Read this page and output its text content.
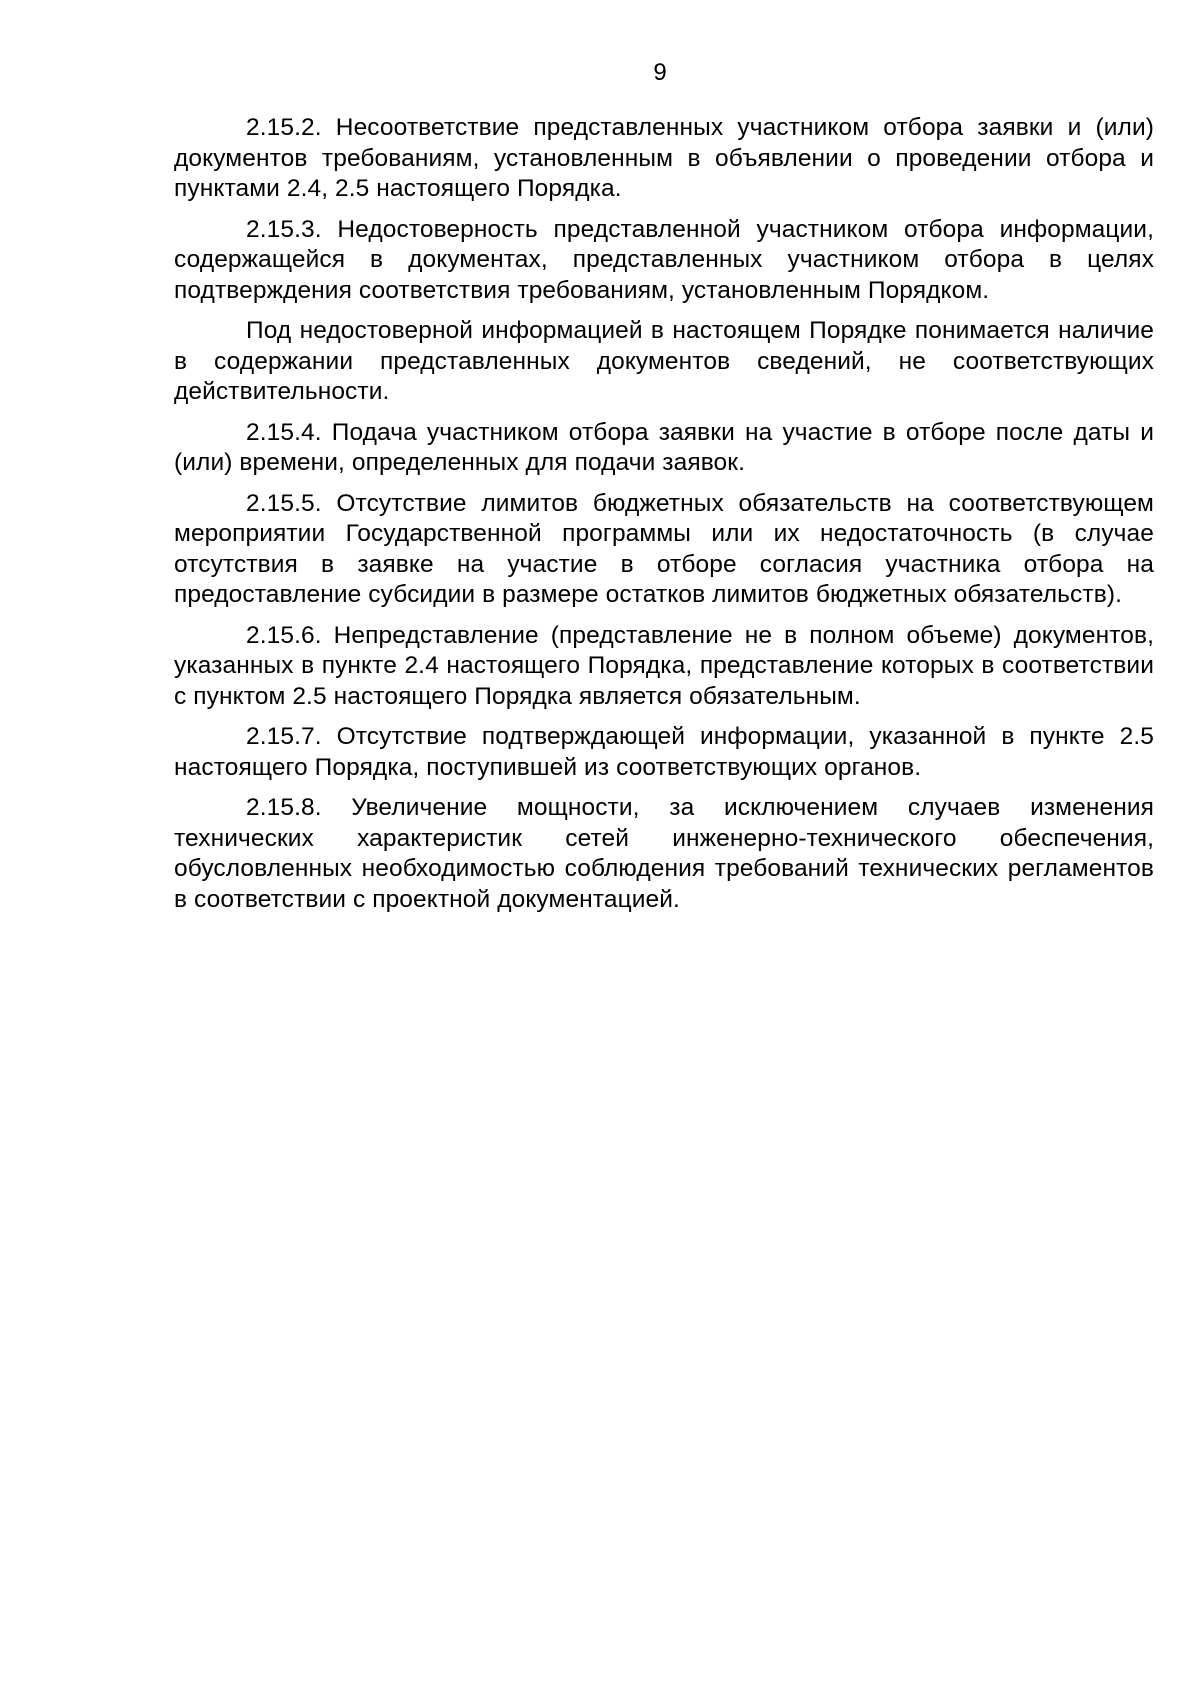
9

2.15.2. Несоответствие представленных участником отбора заявки и (или) документов требованиям, установленным в объявлении о проведении отбора и пунктами 2.4, 2.5 настоящего Порядка.

2.15.3. Недостоверность представленной участником отбора информации, содержащейся в документах, представленных участником отбора в целях подтверждения соответствия требованиям, установленным Порядком.

Под недостоверной информацией в настоящем Порядке понимается наличие в содержании представленных документов сведений, не соответствующих действительности.

2.15.4. Подача участником отбора заявки на участие в отборе после даты и (или) времени, определенных для подачи заявок.

2.15.5. Отсутствие лимитов бюджетных обязательств на соответствующем мероприятии Государственной программы или их недостаточность (в случае отсутствия в заявке на участие в отборе согласия участника отбора на предоставление субсидии в размере остатков лимитов бюджетных обязательств).

2.15.6. Непредставление (представление не в полном объеме) документов, указанных в пункте 2.4 настоящего Порядка, представление которых в соответствии с пунктом 2.5 настоящего Порядка является обязательным.

2.15.7. Отсутствие подтверждающей информации, указанной в пункте 2.5 настоящего Порядка, поступившей из соответствующих органов.

2.15.8. Увеличение мощности, за исключением случаев изменения технических характеристик сетей инженерно-технического обеспечения, обусловленных необходимостью соблюдения требований технических регламентов в соответствии с проектной документацией.
